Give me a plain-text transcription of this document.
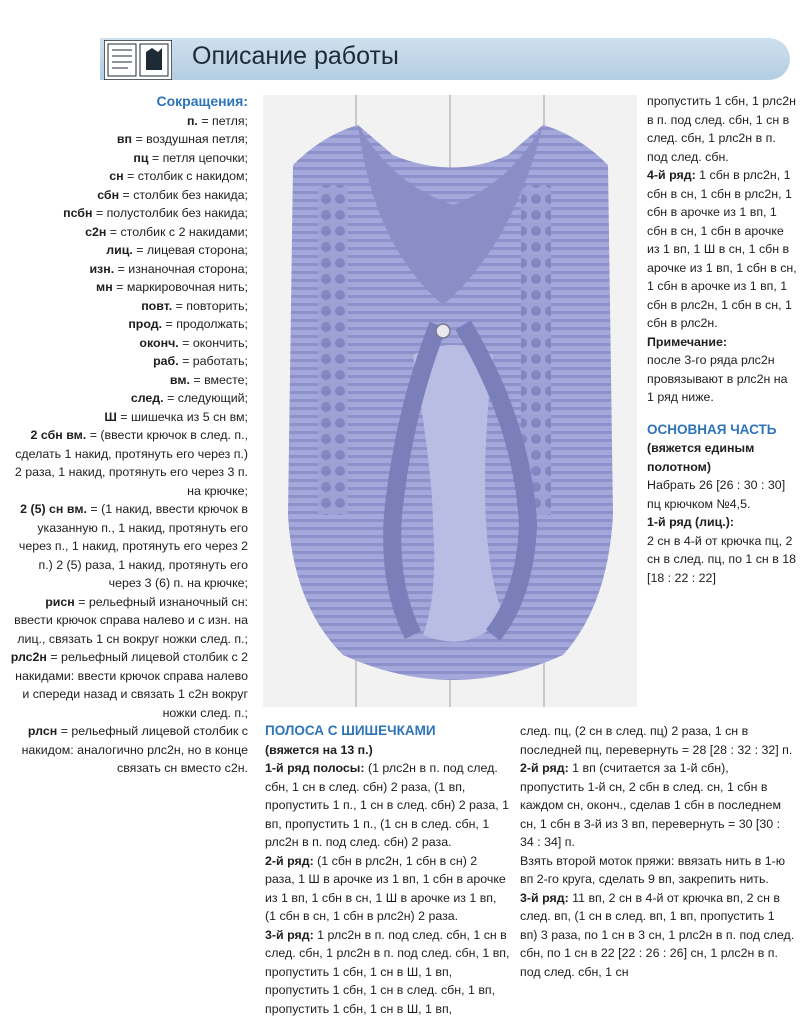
Описание работы
Сокращения:

п. = петля;

вп = воздушная петля;

пц = петля цепочки;

сн = столбик с накидом;

сбн = столбик без накида;

псбн = полустолбик без накида;

с2н = столбик с 2 накидами;

лиц. = лицевая сторона;

изн. = изнаночная сторона;

мн = маркировочная нить;

повт. = повторить;

прод. = продолжать;

оконч. = окончить;

раб. = работать;

вм. = вместе;

след. = следующий;

Ш = шишечка из 5 сн вм;

2 сбн вм. = (ввести крючок в след. п., сделать 1 накид, протянуть его через п.) 2 раза, 1 накид, протянуть его через 3 п. на крючке;

2 (5) сн вм. = (1 накид, ввести крючок в указанную п., 1 накид, протянуть его через п., 1 накид, протянуть его через 2 п.) 2 (5) раза, 1 накид, протянуть его через 3 (6) п. на крючке;

рисн = рельефный изнаночный сн: ввести крючок справа налево и с изн. на лиц., связать 1 сн вокруг ножки след. п.;

рлс2н = рельефный лицевой столбик с 2 накидами: ввести крючок справа налево и спереди назад и связать 1 с2н вокруг ножки след. п.;

рлсн = рельефный лицевой столбик с накидом: аналогично рлс2н, но в конце связать сн вместо с2н.

пропустить 1 сбн, 1 рлс2н в п. под след. сбн, 1 сн в след. сбн, 1 рлс2н в п. под след. сбн.

4-й ряд: 1 сбн в рлс2н, 1 сбн в сн, 1 сбн в рлс2н, 1 сбн в арочке из 1 вп, 1 сбн в сн, 1 сбн в арочке из 1 вп, 1 Ш в сн, 1 сбн в арочке из 1 вп, 1 сбн в сн, 1 сбн в арочке из 1 вп, 1 сбн в рлс2н, 1 сбн в сн, 1 сбн в рлс2н.

Примечание:
после 3-го ряда рлс2н провязывают в рлс2н на 1 ряд ниже.

ОСНОВНАЯ ЧАСТЬ

(вяжется единым полотном)

Набрать 26 [26 : 30 : 30] пц крючком №4,5.

1-й ряд (лиц.):
2 сн в 4-й от крючка пц, 2 сн в след. пц, по 1 сн в 18 [18 : 22 : 22]

ПОЛОСА С ШИШЕЧКАМИ

(вяжется на 13 п.)

1-й ряд полосы: (1 рлс2н в п. под след. сбн, 1 сн в след. сбн) 2 раза, (1 вп, пропустить 1 п., 1 сн в след. сбн) 2 раза, 1 вп, пропустить 1 п., (1 сн в след. сбн, 1 рлс2н в п. под след. сбн) 2 раза.

2-й ряд: (1 сбн в рлс2н, 1 сбн в сн) 2 раза, 1 Ш в арочке из 1 вп, 1 сбн в арочке из 1 вп, 1 сбн в сн, 1 Ш в арочке из 1 вп, (1 сбн в сн, 1 сбн в рлс2н) 2 раза.

3-й ряд: 1 рлс2н в п. под след. сбн, 1 сн в след. сбн, 1 рлс2н в п. под след. сбн, 1 вп, пропустить 1 сбн, 1 сн в Ш, 1 вп, пропустить 1 сбн, 1 сн в след. сбн, 1 вп, пропустить 1 сбн, 1 сн в Ш, 1 вп,

след. пц, (2 сн в след. пц) 2 раза, 1 сн в последней пц, перевернуть = 28 [28 : 32 : 32] п.

2-й ряд: 1 вп (считается за 1-й сбн), пропустить 1-й сн, 2 сбн в след. сн, 1 сбн в каждом сн, оконч., сделав 1 сбн в последнем сн, 1 сбн в 3-й из 3 вп, перевернуть = 30 [30 : 34 : 34] п.

Взять второй моток пряжи: ввязать нить в 1-ю вп 2-го круга, сделать 9 вп, закрепить нить.

3-й ряд: 11 вп, 2 сн в 4-й от крючка вп, 2 сн в след. вп, (1 сн в след. вп, 1 вп, пропустить 1 вп) 3 раза, по 1 сн в 3 сн, 1 рлс2н в п. под след. сбн, по 1 сн в 22 [22 : 26 : 26] сн, 1 рлс2н в п. под след. сбн, 1 сн
